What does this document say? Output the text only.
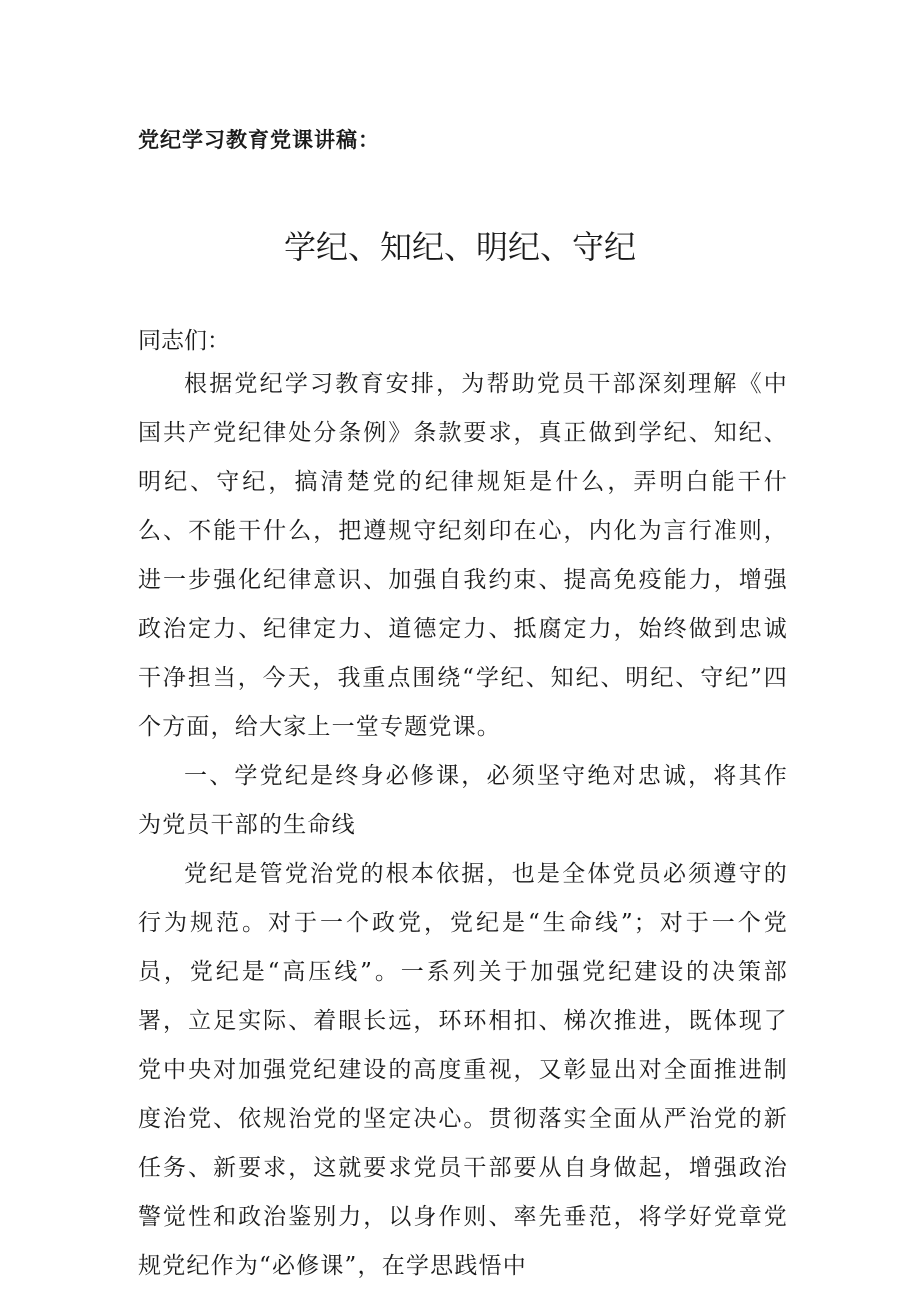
党纪学习教育党课讲稿：
学纪、知纪、明纪、守纪
同志们：

根据党纪学习教育安排，为帮助党员干部深刻理解《中国共产党纪律处分条例》条款要求，真正做到学纪、知纪、明纪、守纪，搞清楚党的纪律规矩是什么，弄明白能干什么、不能干什么，把遵规守纪刻印在心，内化为言行准则，进一步强化纪律意识、加强自我约束、提高免疫能力，增强政治定力、纪律定力、道德定力、抵腐定力，始终做到忠诚干净担当，今天，我重点围绕“学纪、知纪、明纪、守纪”四个方面，给大家上一堂专题党课。

一、学党纪是终身必修课，必须坚守绝对忠诚，将其作为党员干部的生命线

党纪是管党治党的根本依据，也是全体党员必须遵守的行为规范。对于一个政党，党纪是“生命线”；对于一个党员，党纪是“高压线”。一系列关于加强党纪建设的决策部署，立足实际、着眼长远，环环相扣、梯次推进，既体现了党中央对加强党纪建设的高度重视，又彰显出对全面推进制度治党、依规治党的坚定决心。贯彻落实全面从严治党的新任务、新要求，这就要求党员干部要从自身做起，增强政治警觉性和政治鉴别力，以身作则、率先垂范，将学好党章党规党纪作为“必修课”，在学思践悟中
